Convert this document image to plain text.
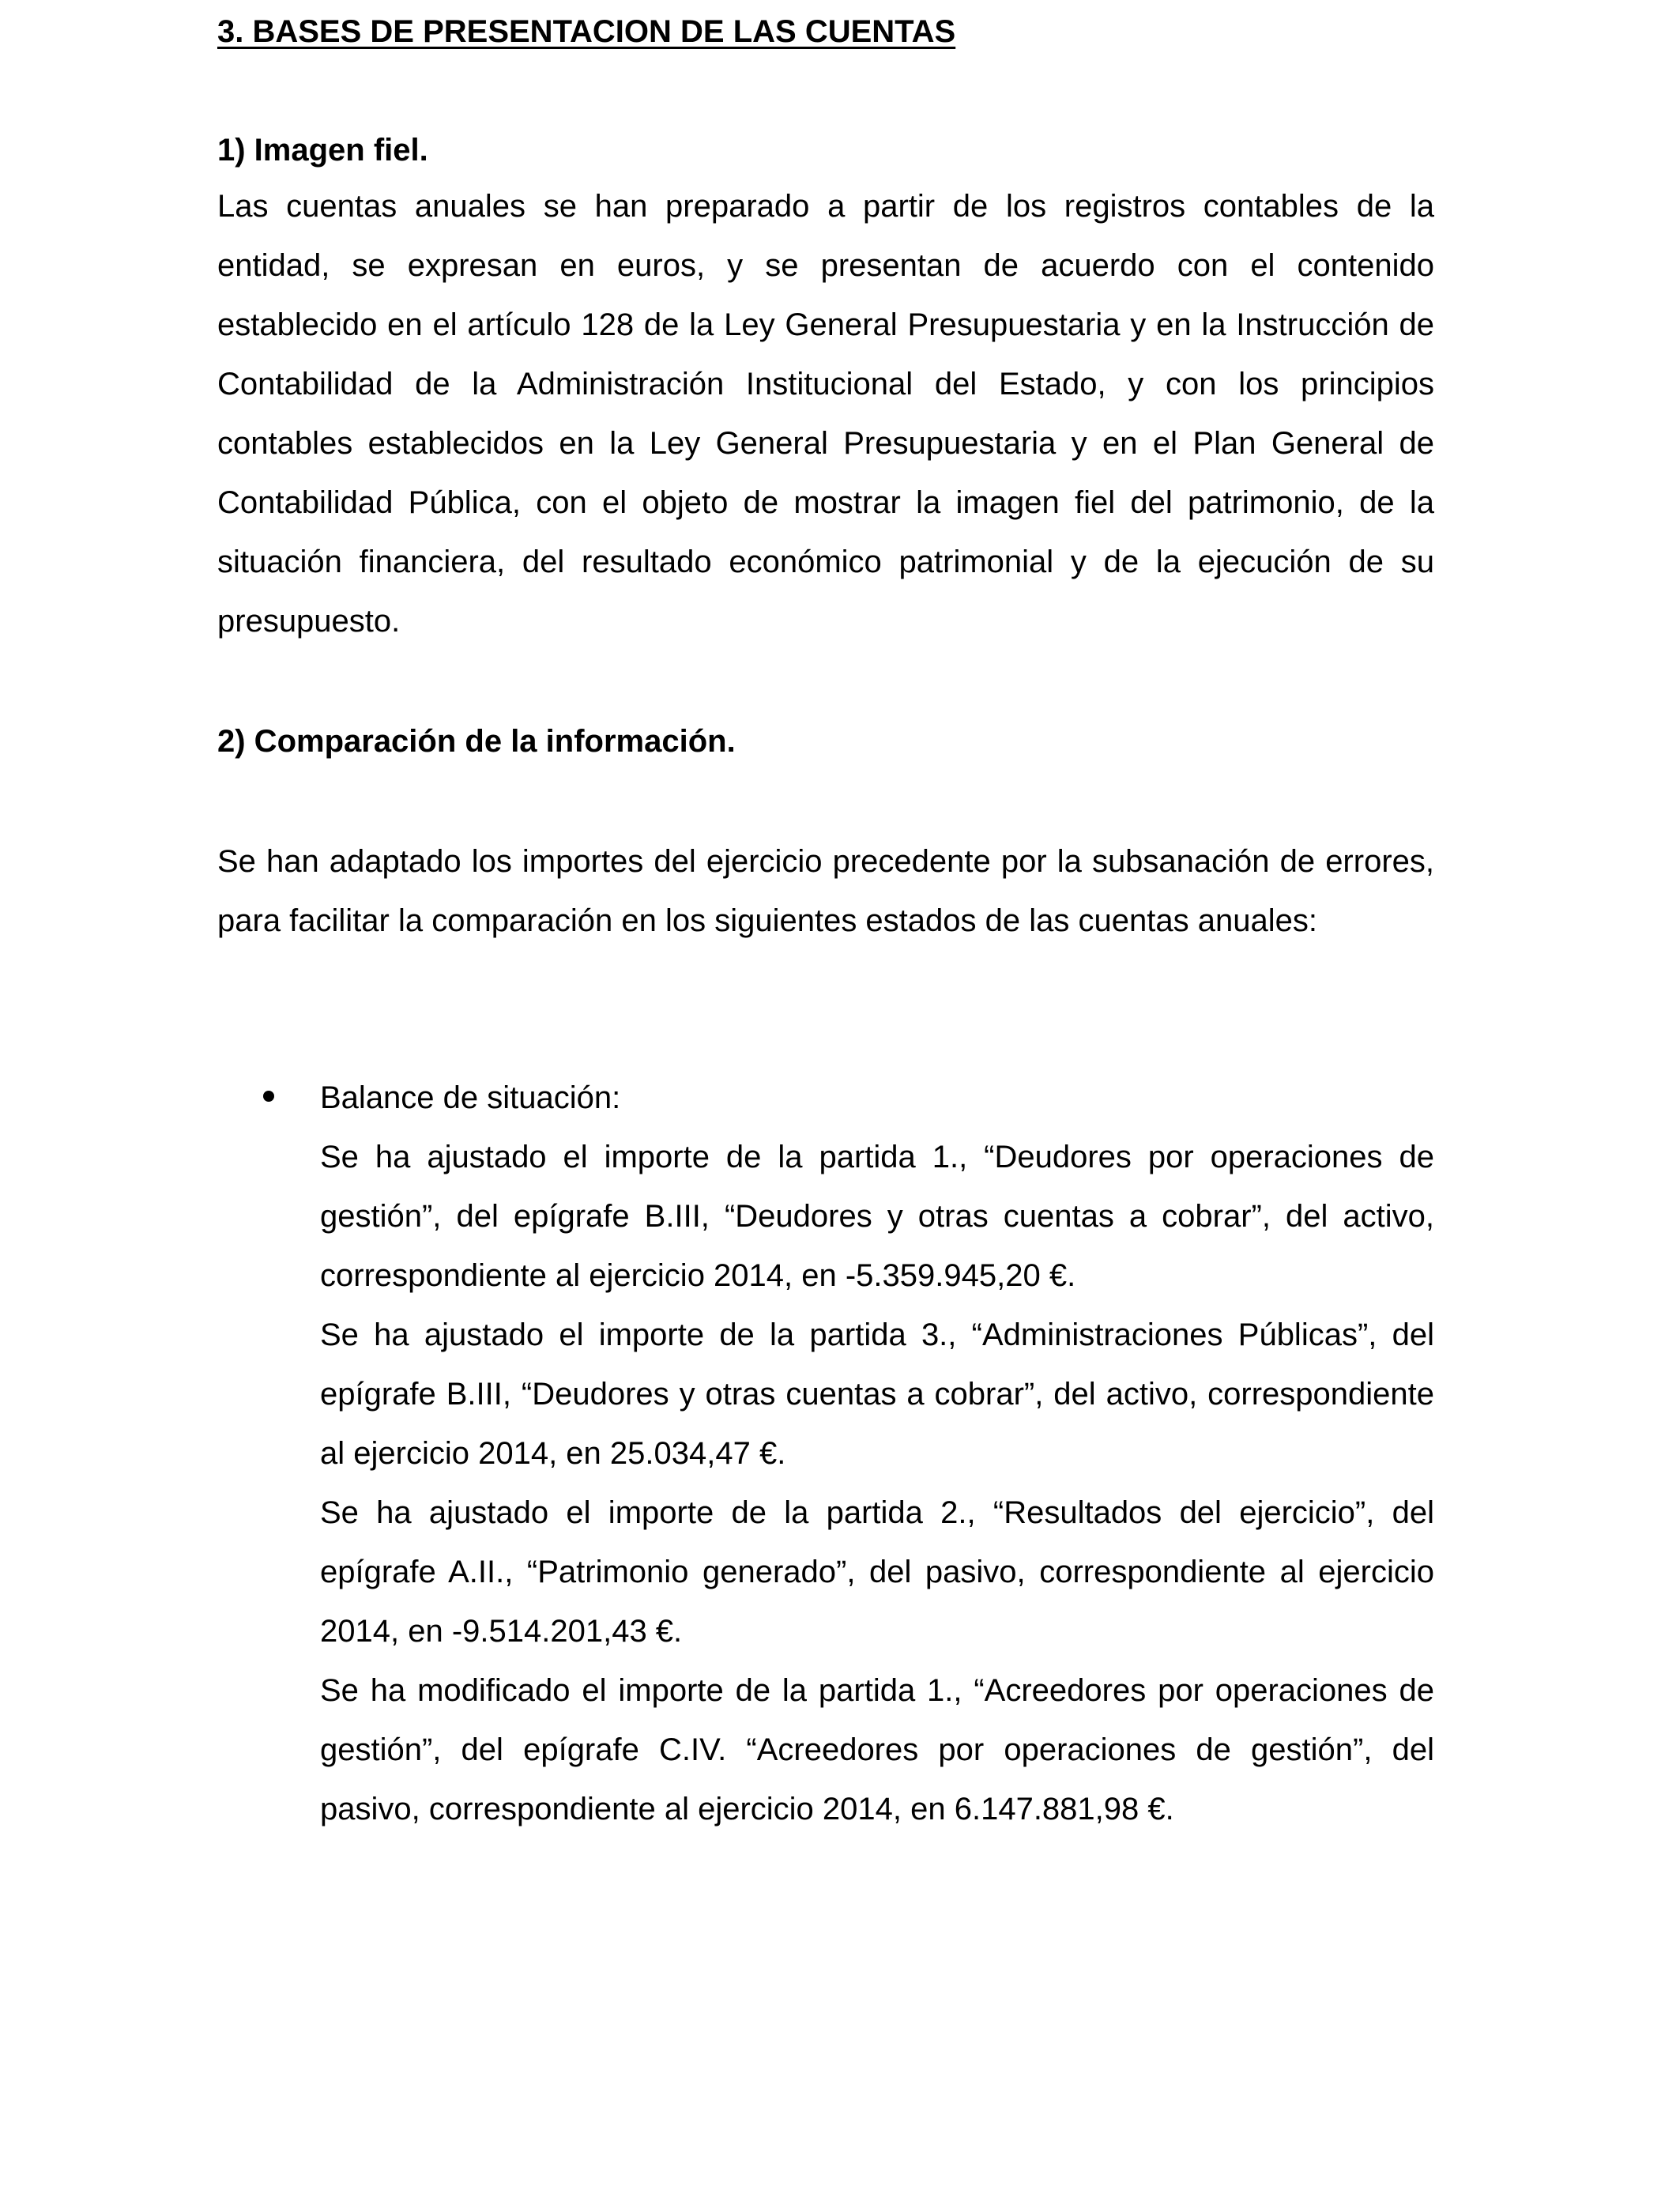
3. BASES DE PRESENTACION DE LAS CUENTAS
1) Imagen fiel.

Las cuentas anuales se han preparado a partir de los registros contables de la entidad, se expresan en euros, y se presentan de acuerdo con el contenido establecido en el artículo 128 de la Ley General Presupuestaria y en la Instrucción de Contabilidad de la Administración Institucional del Estado, y con los principios contables establecidos en la Ley General Presupuestaria y en el Plan General de Contabilidad Pública, con el objeto de mostrar la imagen fiel del patrimonio, de la situación financiera, del resultado económico patrimonial y de la ejecución de su presupuesto.

2) Comparación de la información.

Se han adaptado los importes del ejercicio precedente por la subsanación de errores, para facilitar la comparación en los siguientes estados de las cuentas anuales:

Balance de situación:

Se ha ajustado el importe de la partida 1., “Deudores por operaciones de gestión”, del epígrafe B.III, “Deudores y otras cuentas a cobrar”, del activo, correspondiente al ejercicio 2014, en -5.359.945,20 €.

Se ha ajustado el importe de la partida 3., “Administraciones Públicas”, del epígrafe B.III, “Deudores y otras cuentas a cobrar”, del activo, correspondiente al ejercicio 2014, en 25.034,47 €.

Se ha ajustado el importe de la partida 2., “Resultados del ejercicio”, del epígrafe A.II., “Patrimonio generado”, del pasivo, correspondiente al ejercicio 2014, en -9.514.201,43 €.

Se ha modificado el importe de la partida 1., “Acreedores por operaciones de gestión”, del epígrafe C.IV. “Acreedores por operaciones de gestión”, del pasivo, correspondiente al ejercicio 2014, en 6.147.881,98 €.
